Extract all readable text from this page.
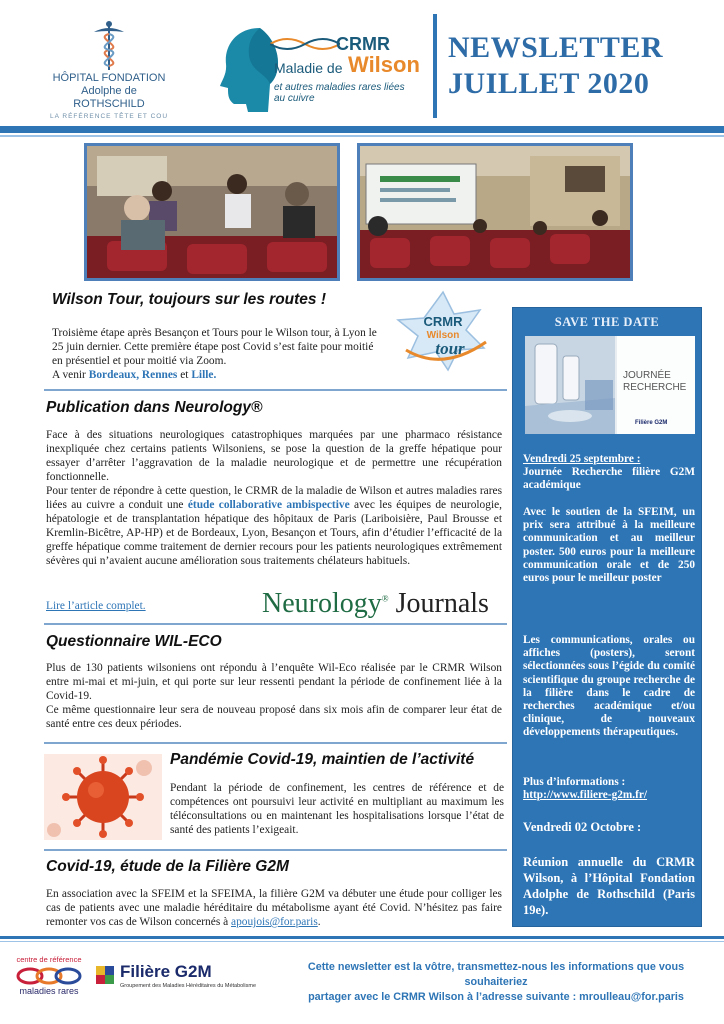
HÔPITAL FONDATION
Adolphe de ROTHSCHILD
LA RÉFÉRENCE TÊTE ET COU
CRMR
Maladie de Wilson
et autres maladies rares liées au cuivre
NEWSLETTER
JUILLET 2020
Wilson Tour, toujours sur les routes !

Troisième étape après Besançon et Tours pour le Wilson tour, à Lyon le 25 juin dernier. Cette première étape post Covid s’est faite pour moitié en présentiel et pour moitié via Zoom.

A venir Bordeaux, Rennes et Lille.

CRMR
Wilson
tour
Publication dans Neurology®

Face à des situations neurologiques catastrophiques marquées par une pharmaco résistance inexpliquée chez certains patients Wilsoniens, se pose la question de la greffe hépatique pour essayer d’arrêter l’aggravation de la maladie neurologique et de permettre une récupération fonctionnelle.

Pour tenter de répondre à cette question, le CRMR de la maladie de Wilson et autres maladies rares liées au cuivre a conduit une étude collaborative ambispective avec les équipes de neurologie, hépatologie et de transplantation hépatique des hôpitaux de Paris (Lariboisière, Paul Brousse et Kremlin-Bicêtre, AP-HP) et de Bordeaux, Lyon, Besançon et Tours, afin d’étudier l’efficacité de la greffe hépatique comme traitement de dernier recours pour les patients neurologiques extrêmement sévères qui n’avaient aucune amélioration sous traitements chélateurs habituels.

Lire l’article complet.	Neurology® Journals
Questionnaire WIL-ECO

Plus de 130 patients wilsoniens ont répondu à l’enquête Wil-Eco réalisée par le CRMR Wilson entre mi-mai et mi-juin, et qui porte sur leur ressenti pendant la période de confinement liée à la Covid-19.

Ce même questionnaire leur sera de nouveau proposé dans six mois afin de comparer leur état de santé entre ces deux périodes.

Pandémie Covid-19, maintien de l’activité

Pendant la période de confinement, les centres de référence et de compétences ont poursuivi leur activité en multipliant au maximum les téléconsultations ou en maintenant les hospitalisations lorsque l’état de santé des patients l’exigeait.

Covid-19, étude de la Filière G2M

En association avec la SFEIM et la SFEIMA, la filière G2M va débuter une étude pour colliger les cas de patients avec une maladie héréditaire du métabolisme ayant été Covid. N’hésitez pas faire remonter vos cas de Wilson concernés à apoujois@for.paris.

SAVE THE DATE
JOURNÉE
RECHERCHE
Filière G2M
Vendredi 25 septembre :
Journée Recherche filière G2M académique
Avec le soutien de la SFEIM, un prix sera attribué à la meilleure communication et au meilleur poster. 500 euros pour la meilleure communication orale et de 250 euros pour le meilleur poster
Les communications, orales ou affiches (posters), seront sélectionnées sous l’égide du comité scientifique du groupe recherche de la filière dans le cadre de recherches académique et/ou clinique, de nouveaux développements thérapeutiques.
Plus d’informations :
http://www.filiere-g2m.fr/
Vendredi 02 Octobre :
Réunion annuelle du CRMR Wilson, à l’Hôpital Fondation Adolphe de Rothschild (Paris 19e).
centre de référence
maladies rares
Filière G2M
Groupement des Maladies Héréditaires du Métabolisme
Cette newsletter est la vôtre, transmettez-nous les informations que vous souhaiteriez
partager avec le CRMR Wilson à l’adresse suivante : mroulleau@for.paris
